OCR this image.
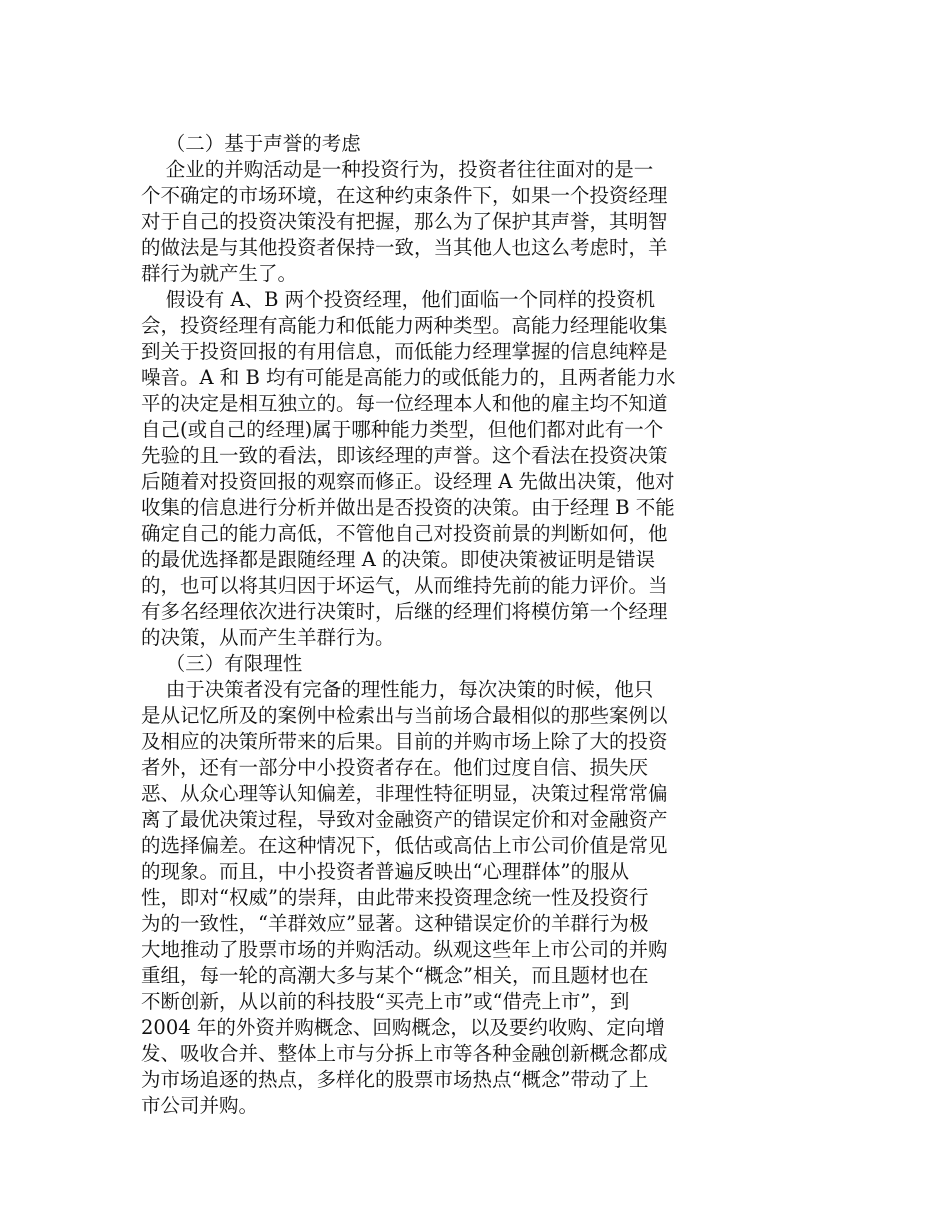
（二）基于声誉的考虑
企业的并购活动是一种投资行为，投资者往往面对的是一
个不确定的市场环境，在这种约束条件下，如果一个投资经理
对于自己的投资决策没有把握，那么为了保护其声誉，其明智
的做法是与其他投资者保持一致，当其他人也这么考虑时，羊
群行为就产生了。
假设有 A、B 两个投资经理，他们面临一个同样的投资机
会，投资经理有高能力和低能力两种类型。高能力经理能收集
到关于投资回报的有用信息，而低能力经理掌握的信息纯粹是
噪音。A 和 B 均有可能是高能力的或低能力的，且两者能力水
平的决定是相互独立的。每一位经理本人和他的雇主均不知道
自己(或自己的经理)属于哪种能力类型，但他们都对此有一个
先验的且一致的看法，即该经理的声誉。这个看法在投资决策
后随着对投资回报的观察而修正。设经理 A 先做出决策，他对
收集的信息进行分析并做出是否投资的决策。由于经理 B 不能
确定自己的能力高低，不管他自己对投资前景的判断如何，他
的最优选择都是跟随经理 A 的决策。即使决策被证明是错误
的，也可以将其归因于坏运气，从而维持先前的能力评价。当
有多名经理依次进行决策时，后继的经理们将模仿第一个经理
的决策，从而产生羊群行为。
（三）有限理性
由于决策者没有完备的理性能力，每次决策的时候，他只
是从记忆所及的案例中检索出与当前场合最相似的那些案例以
及相应的决策所带来的后果。目前的并购市场上除了大的投资
者外，还有一部分中小投资者存在。他们过度自信、损失厌
恶、从众心理等认知偏差，非理性特征明显，决策过程常常偏
离了最优决策过程，导致对金融资产的错误定价和对金融资产
的选择偏差。在这种情况下，低估或高估上市公司价值是常见
的现象。而且，中小投资者普遍反映出“心理群体”的服从
性，即对“权威”的崇拜，由此带来投资理念统一性及投资行
为的一致性，“羊群效应”显著。这种错误定价的羊群行为极
大地推动了股票市场的并购活动。纵观这些年上市公司的并购
重组，每一轮的高潮大多与某个“概念”相关，而且题材也在
不断创新，从以前的科技股“买壳上市”或“借壳上市”，到
2004 年的外资并购概念、回购概念，以及要约收购、定向增
发、吸收合并、整体上市与分拆上市等各种金融创新概念都成
为市场追逐的热点，多样化的股票市场热点“概念”带动了上
市公司并购。
